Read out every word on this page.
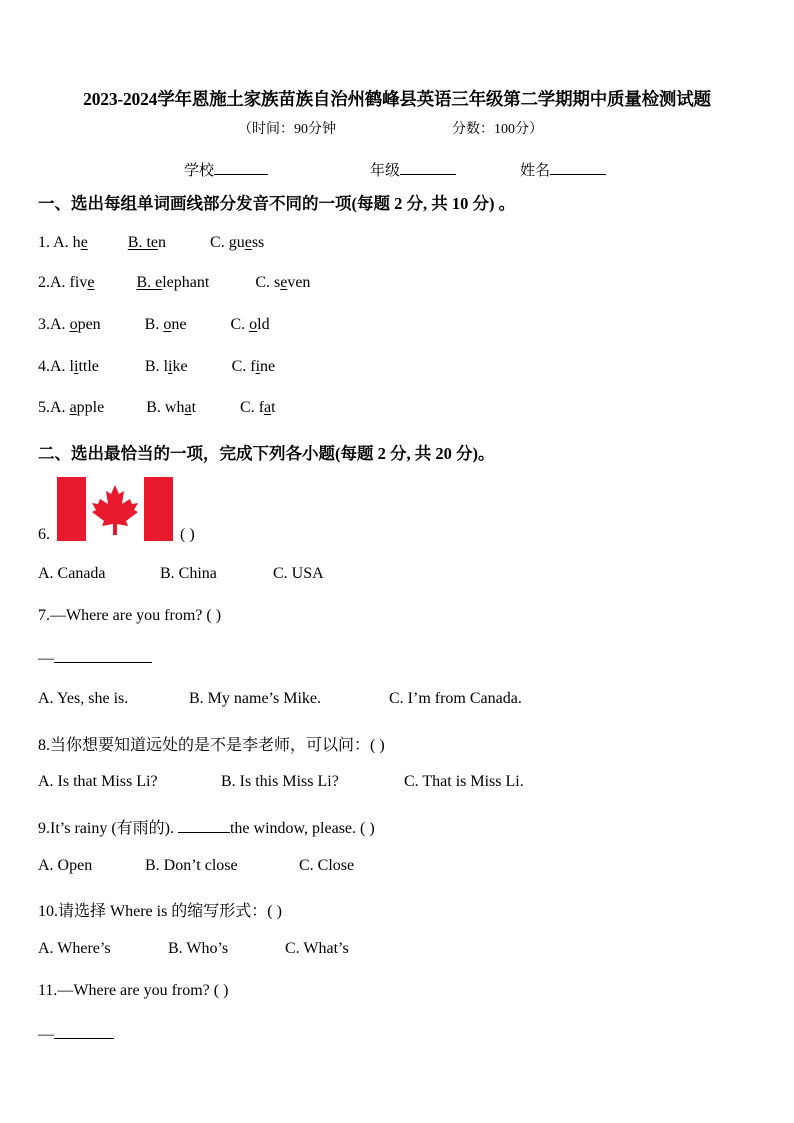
2023-2024学年恩施土家族苗族自治州鹤峰县英语三年级第二学期期中质量检测试题
（时间：90分钟	分数：100分）
学校	年级	姓名
一、选出每组单词画线部分发音不同的一项(每题 2 分, 共 10 分) 。
1. A. he	B. ten	C. guess
2.A. five	B. elephant	C. seven
3.A. open	B. one	C. old
4.A. little	B. like	C. fine
5.A. apple	B. what	C. fat
二、选出最恰当的一项，完成下列各小题(每题 2 分, 共 20 分)。
6.	( )
A. Canada	B. China	C. USA
7.—Where are you from? ( )
—
A. Yes, she is.	B. My name’s Mike.	C. I’m from Canada.
8.当你想要知道远处的是不是李老师，可以问：( )
A. Is that Miss Li?	B. Is this Miss Li?	C. That is Miss Li.
9.It’s rainy (有雨的).	the window, please. ( )
A. Open	B. Don’t close	C. Close
10.请选择 Where is 的缩写形式：( )
A. Where’s	B. Who’s	C. What’s
11.—Where are you from? ( )
—
